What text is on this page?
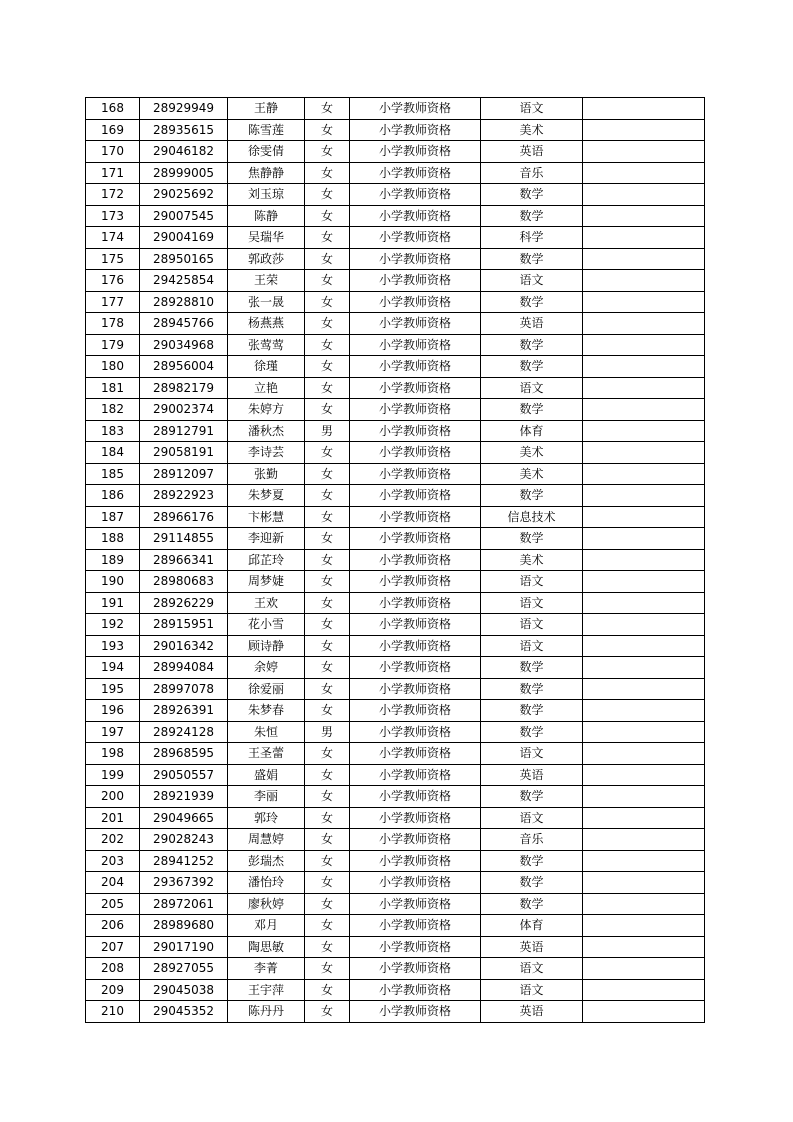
168	28929949	王静	女	小学教师资格	语文	
169	28935615	陈雪莲	女	小学教师资格	美术	
170	29046182	徐雯倩	女	小学教师资格	英语	
171	28999005	焦静静	女	小学教师资格	音乐	
172	29025692	刘玉琼	女	小学教师资格	数学	
173	29007545	陈静	女	小学教师资格	数学	
174	29004169	吴瑞华	女	小学教师资格	科学	
175	28950165	郭政莎	女	小学教师资格	数学	
176	29425854	王荣	女	小学教师资格	语文	
177	28928810	张一晟	女	小学教师资格	数学	
178	28945766	杨燕燕	女	小学教师资格	英语	
179	29034968	张莺莺	女	小学教师资格	数学	
180	28956004	徐瑾	女	小学教师资格	数学	
181	28982179	立艳	女	小学教师资格	语文	
182	29002374	朱婷方	女	小学教师资格	数学	
183	28912791	潘秋杰	男	小学教师资格	体育	
184	29058191	李诗芸	女	小学教师资格	美术	
185	28912097	张勤	女	小学教师资格	美术	
186	28922923	朱梦夏	女	小学教师资格	数学	
187	28966176	卞彬慧	女	小学教师资格	信息技术	
188	29114855	李迎新	女	小学教师资格	数学	
189	28966341	邱芷玲	女	小学教师资格	美术	
190	28980683	周梦婕	女	小学教师资格	语文	
191	28926229	王欢	女	小学教师资格	语文	
192	28915951	花小雪	女	小学教师资格	语文	
193	29016342	顾诗静	女	小学教师资格	语文	
194	28994084	余婷	女	小学教师资格	数学	
195	28997078	徐爱丽	女	小学教师资格	数学	
196	28926391	朱梦春	女	小学教师资格	数学	
197	28924128	朱恒	男	小学教师资格	数学	
198	28968595	王圣蕾	女	小学教师资格	语文	
199	29050557	盛娟	女	小学教师资格	英语	
200	28921939	李丽	女	小学教师资格	数学	
201	29049665	郭玲	女	小学教师资格	语文	
202	29028243	周慧婷	女	小学教师资格	音乐	
203	28941252	彭瑞杰	女	小学教师资格	数学	
204	29367392	潘怡玲	女	小学教师资格	数学	
205	28972061	廖秋婷	女	小学教师资格	数学	
206	28989680	邓月	女	小学教师资格	体育	
207	29017190	陶思敏	女	小学教师资格	英语	
208	28927055	李菁	女	小学教师资格	语文	
209	29045038	王宇萍	女	小学教师资格	语文	
210	29045352	陈丹丹	女	小学教师资格	英语	
